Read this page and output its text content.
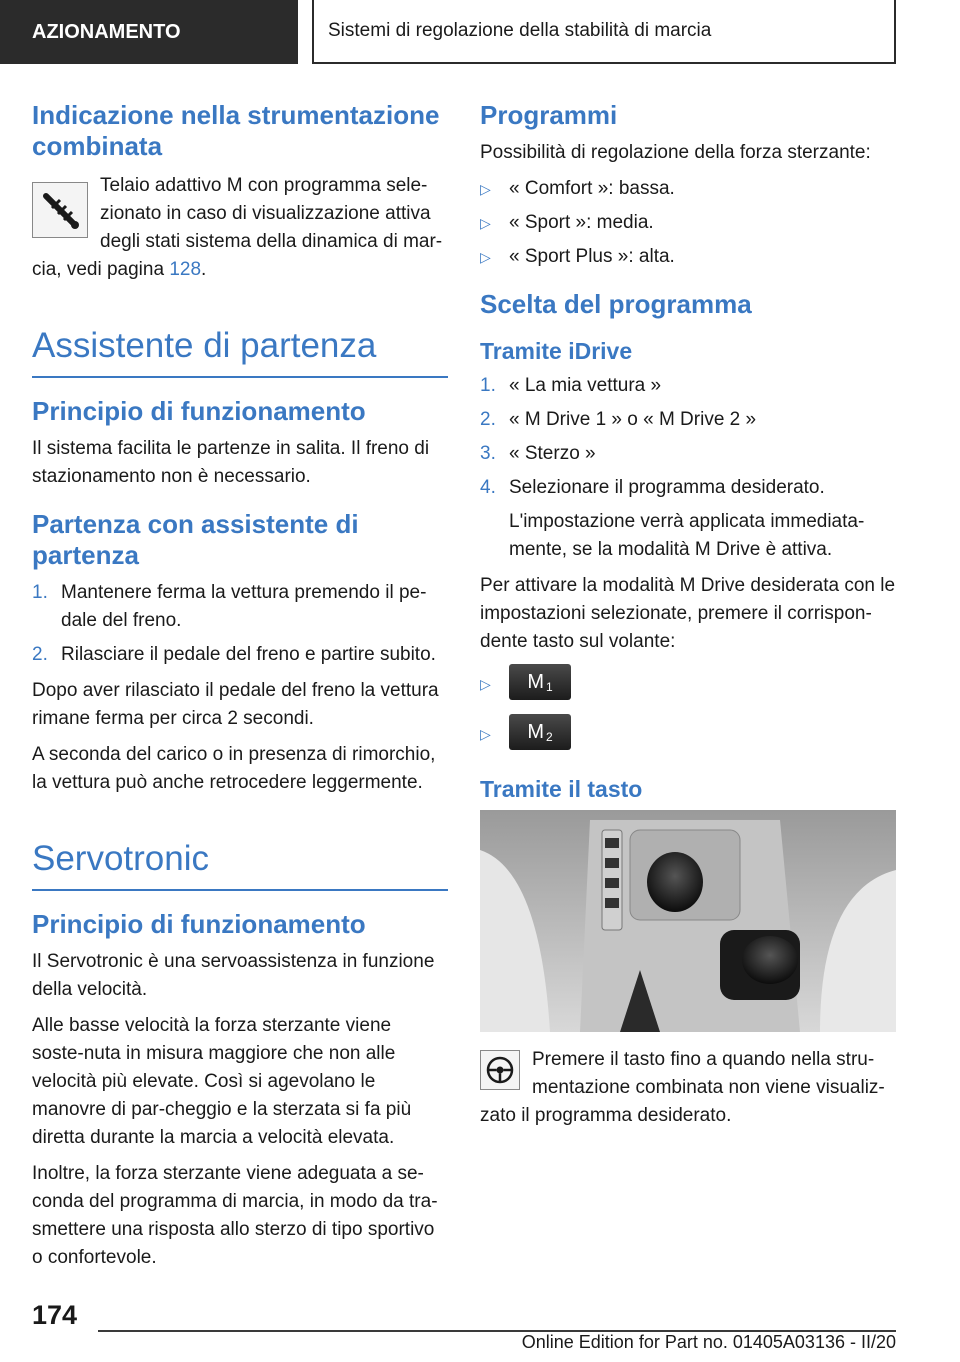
AZIONAMENTO	Sistemi di regolazione della stabilità di marcia
Indicazione nella strumentazione combinata

Telaio adattivo M con programma sele-zionato in caso di visualizzazione attiva degli stati sistema della dinamica di mar-cia, vedi pagina 128.

Assistente di partenza
Principio di funzionamento

Il sistema facilita le partenze in salita. Il freno di stazionamento non è necessario.

Partenza con assistente di partenza
1. Mantenere ferma la vettura premendo il pe-dale del freno.
2. Rilasciare il pedale del freno e partire subito.

Dopo aver rilasciato il pedale del freno la vettura rimane ferma per circa 2 secondi.

A seconda del carico o in presenza di rimorchio, la vettura può anche retrocedere leggermente.

Servotronic
Principio di funzionamento

Il Servotronic è una servoassistenza in funzione della velocità.

Alle basse velocità la forza sterzante viene soste-nuta in misura maggiore che non alle velocità più elevate. Così si agevolano le manovre di par-cheggio e la sterzata si fa più diretta durante la marcia a velocità elevata.

Inoltre, la forza sterzante viene adeguata a se-conda del programma di marcia, in modo da tra-smettere una risposta allo sterzo di tipo sportivo o confortevole.

Programmi

Possibilità di regolazione della forza sterzante:

▷ « Comfort »: bassa.
▷ « Sport »: media.
▷ « Sport Plus »: alta.
Scelta del programma
Tramite iDrive
1. « La mia vettura »
2. « M Drive 1 » o « M Drive 2 »
3. « Sterzo »
4. Selezionare il programma desiderato.

L'impostazione verrà applicata immediata-mente, se la modalità M Drive è attiva.

Per attivare la modalità M Drive desiderata con le impostazioni selezionate, premere il corrispon-dente tasto sul volante:

▷ M 1
▷ M 2
Tramite il tasto

Premere il tasto fino a quando nella stru-mentazione combinata non viene visualiz-zato il programma desiderato.

174
Online Edition for Part no. 01405A03136 - II/20
